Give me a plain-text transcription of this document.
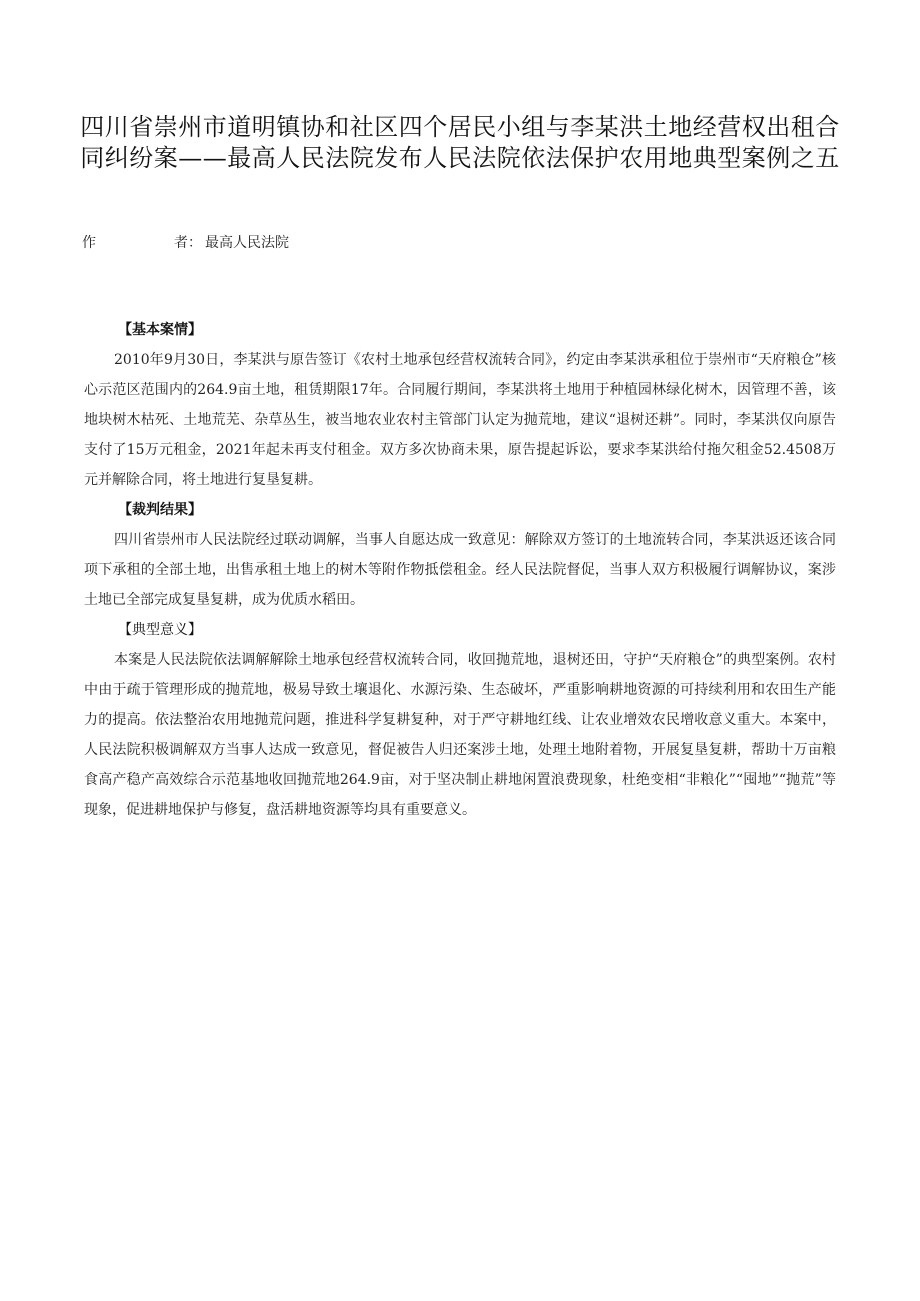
四川省崇州市道明镇协和社区四个居民小组与李某洪土地经营权出租合同纠纷案——最高人民法院发布人民法院依法保护农用地典型案例之五
作	者： 最高人民法院
【基本案情】

2010年9月30日，李某洪与原告签订《农村土地承包经营权流转合同》，约定由李某洪承租位于崇州市“天府粮仓”核心示范区范围内的264.9亩土地，租赁期限17年。合同履行期间，李某洪将土地用于种植园林绿化树木，因管理不善，该地块树木枯死、土地荒芜、杂草丛生，被当地农业农村主管部门认定为抛荒地，建议“退树还耕”。同时，李某洪仅向原告支付了15万元租金，2021年起未再支付租金。双方多次协商未果，原告提起诉讼，要求李某洪给付拖欠租金52.4508万元并解除合同，将土地进行复垦复耕。

【裁判结果】

四川省崇州市人民法院经过联动调解，当事人自愿达成一致意见：解除双方签订的土地流转合同，李某洪返还该合同项下承租的全部土地，出售承租土地上的树木等附作物抵偿租金。经人民法院督促，当事人双方积极履行调解协议，案涉土地已全部完成复垦复耕，成为优质水稻田。

【典型意义】

本案是人民法院依法调解解除土地承包经营权流转合同，收回抛荒地，退树还田，守护“天府粮仓”的典型案例。农村中由于疏于管理形成的抛荒地，极易导致土壤退化、水源污染、生态破坏，严重影响耕地资源的可持续利用和农田生产能力的提高。依法整治农用地抛荒问题，推进科学复耕复种，对于严守耕地红线、让农业增效农民增收意义重大。本案中，人民法院积极调解双方当事人达成一致意见，督促被告人归还案涉土地，处理土地附着物，开展复垦复耕，帮助十万亩粮食高产稳产高效综合示范基地收回抛荒地264.9亩，对于坚决制止耕地闲置浪费现象，杜绝变相“非粮化”“囤地”“抛荒”等现象，促进耕地保护与修复，盘活耕地资源等均具有重要意义。
